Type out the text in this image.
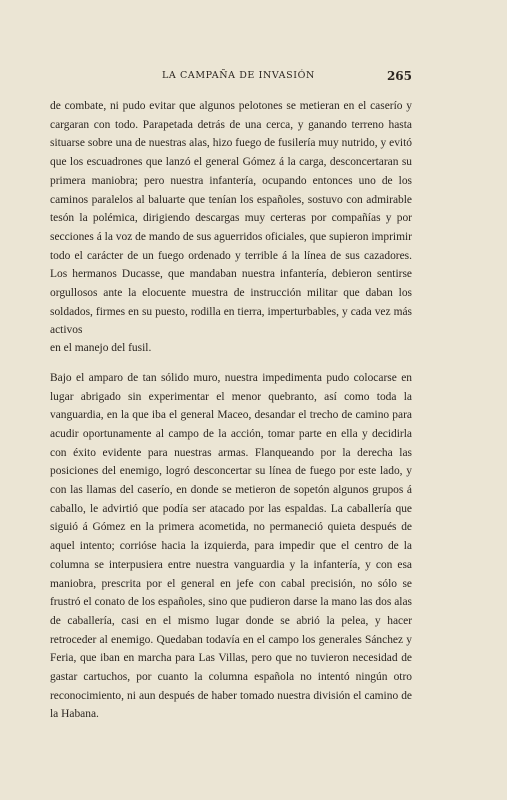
LA CAMPAÑA DE INVASIÓN	265

de combate, ni pudo evitar que algunos pelotones se metieran en el caserío y cargaran con todo. Parapetada detrás de una cerca, y ganando terreno hasta situarse sobre una de nuestras alas, hizo fuego de fusilería muy nutrido, y evitó que los escuadrones que lanzó el general Gómez á la carga, desconcertaran su primera maniobra; pero nuestra infantería, ocupando entonces uno de los caminos paralelos al baluarte que tenían los españoles, sostuvo con admirable tesón la polémica, dirigiendo descargas muy certeras por compañías y por secciones á la voz de mando de sus aguerridos oficiales, que supieron imprimir todo el carácter de un fuego ordenado y terrible á la línea de sus cazadores. Los hermanos Ducasse, que mandaban nuestra infantería, debieron sentirse orgullosos ante la elocuente muestra de instrucción militar que daban los soldados, firmes en su puesto, rodilla en tierra, imperturbables, y cada vez más activos

en el manejo del fusil.

Bajo el amparo de tan sólido muro, nuestra impedimenta pudo colocarse en lugar abrigado sin experimentar el menor quebranto, así como toda la vanguardia, en la que iba el general Maceo, desandar el trecho de camino para acudir oportunamente al campo de la acción, tomar parte en ella y decidirla con éxito evidente para nuestras armas. Flanqueando por la derecha las posiciones del enemigo, logró desconcertar su línea de fuego por este lado, y con las llamas del caserío, en donde se metieron de sopetón algunos grupos á caballo, le advirtió que podía ser atacado por las espaldas. La caballería que siguió á Gómez en la primera acometida, no permaneció quieta después de aquel intento; corrióse hacia la izquierda, para impedir que el centro de la columna se interpusiera entre nuestra vanguardia y la infantería, y con esa maniobra, prescrita por el general en jefe con cabal precisión, no sólo se frustró el conato de los españoles, sino que pudieron darse la mano las dos alas de caballería, casi en el mismo lugar donde se abrió la pelea, y hacer retroceder al enemigo. Quedaban todavía en el campo los generales Sánchez y Feria, que iban en marcha para Las Villas, pero que no tuvieron necesidad de gastar cartuchos, por cuanto la columna española no intentó ningún otro reconocimiento, ni aun después de haber tomado nuestra división el camino de

la Habana.
